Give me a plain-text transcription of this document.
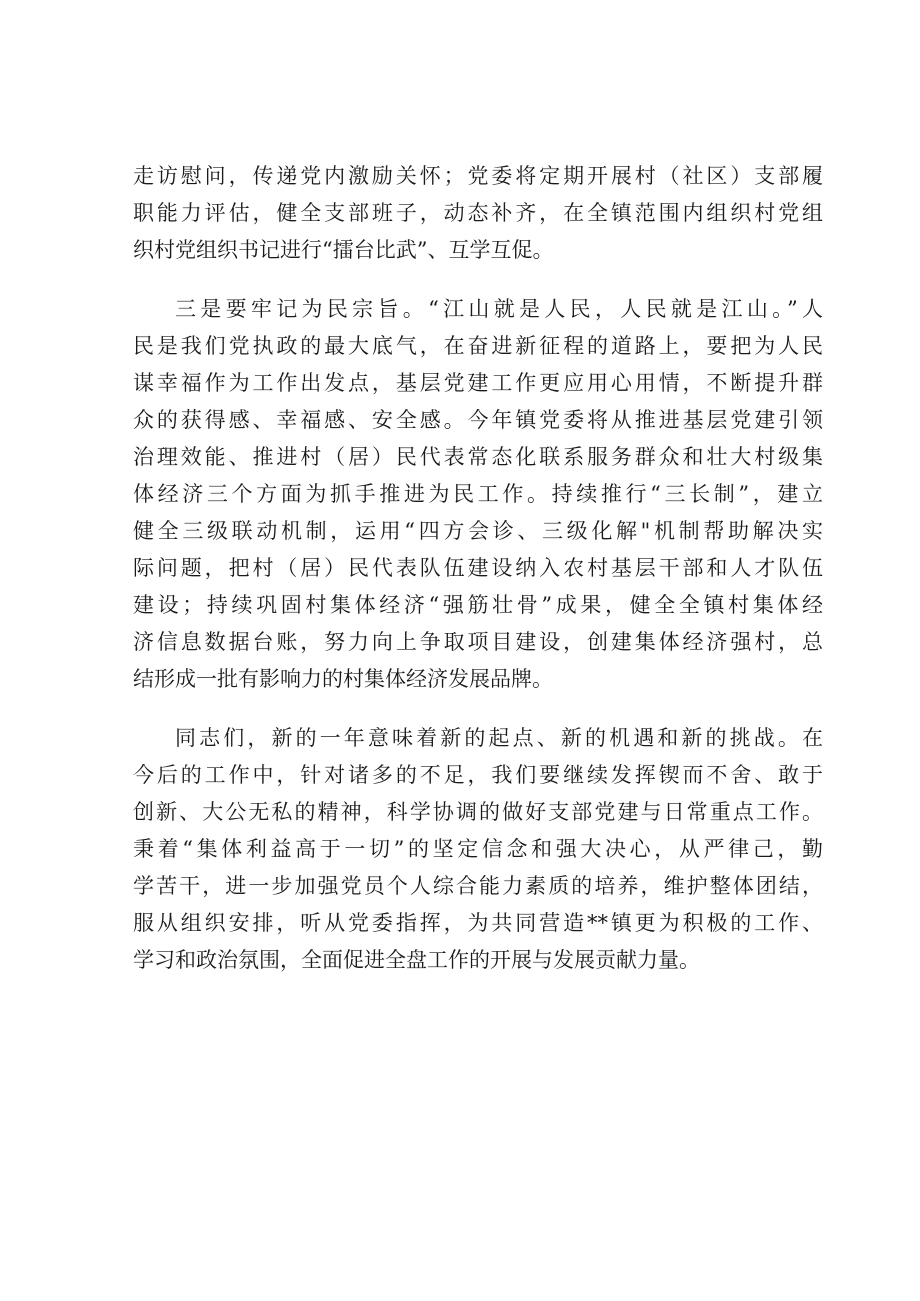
走访慰问，传递党内激励关怀；党委将定期开展村（社区）支部履
职能力评估，健全支部班子，动态补齐，在全镇范围内组织村党组
织村党组织书记进行“擂台比武”、互学互促。
三是要牢记为民宗旨。“江山就是人民，人民就是江山。”人
民是我们党执政的最大底气，在奋进新征程的道路上，要把为人民
谋幸福作为工作出发点，基层党建工作更应用心用情，不断提升群
众的获得感、幸福感、安全感。今年镇党委将从推进基层党建引领
治理效能、推进村（居）民代表常态化联系服务群众和壮大村级集
体经济三个方面为抓手推进为民工作。持续推行“三长制”，建立
健全三级联动机制，运用“四方会诊、三级化解"机制帮助解决实
际问题，把村（居）民代表队伍建设纳入农村基层干部和人才队伍
建设；持续巩固村集体经济“强筋壮骨”成果，健全全镇村集体经
济信息数据台账，努力向上争取项目建设，创建集体经济强村，总
结形成一批有影响力的村集体经济发展品牌。
同志们，新的一年意味着新的起点、新的机遇和新的挑战。在
今后的工作中，针对诸多的不足，我们要继续发挥锲而不舍、敢于
创新、大公无私的精神，科学协调的做好支部党建与日常重点工作。
秉着“集体利益高于一切”的坚定信念和强大决心，从严律己，勤
学苦干，进一步加强党员个人综合能力素质的培养，维护整体团结，
服从组织安排，听从党委指挥，为共同营造**镇更为积极的工作、
学习和政治氛围，全面促进全盘工作的开展与发展贡献力量。
